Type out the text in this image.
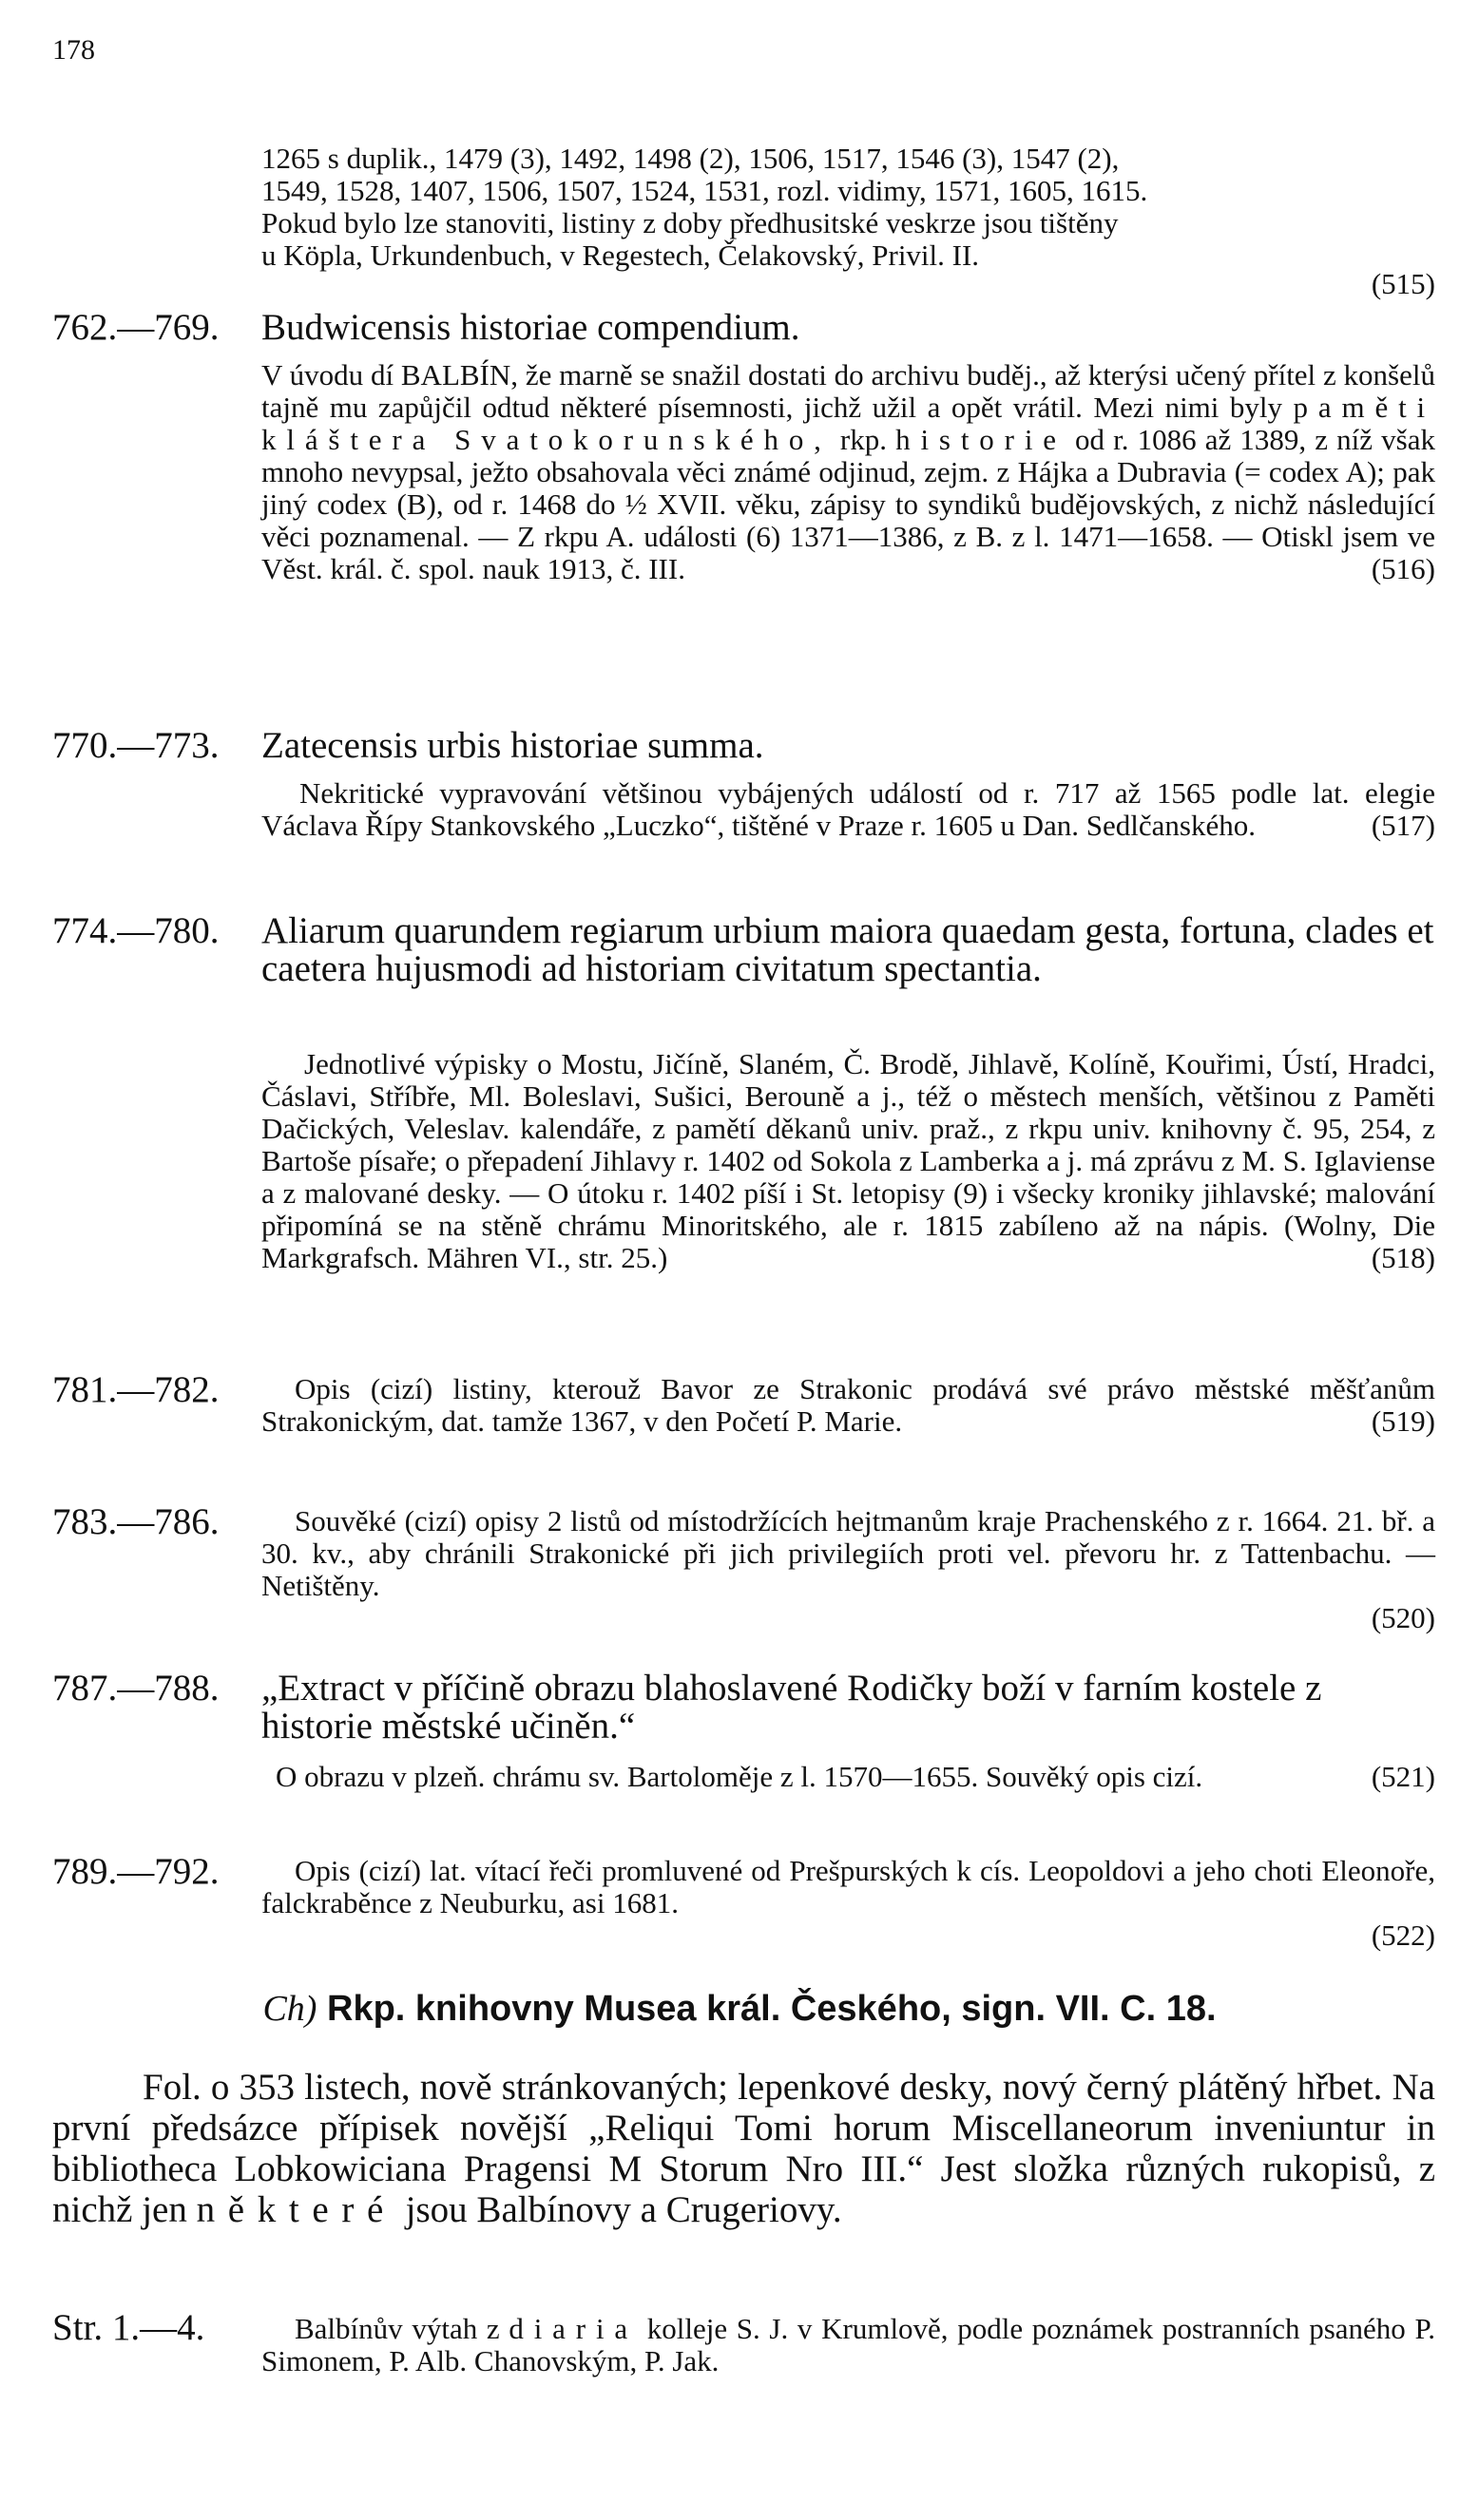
178
1265 s duplik., 1479 (3), 1492, 1498 (2), 1506, 1517, 1546 (3), 1547 (2),
1549, 1528, 1407, 1506, 1507, 1524, 1531, rozl. vidimy, 1571, 1605, 1615.
Pokud bylo lze stanoviti, listiny z doby předhusitské veskrze jsou tištěny
u Köpla, Urkundenbuch, v Regestech, Čelakovský, Privil. II.
(515)
762.—769. Budwicensis historiae compendium.
V úvodu dí BALBÍN, že marně se snažil dostati do archivu buděj., až kterýsi učený přítel z konšelů tajně mu zapůjčil odtud některé písemnosti, jichž užil a opět vrátil. Mezi nimi byly paměti kláštera Svatokorunského, rkp. historie od r. 1086 až 1389, z níž však mnoho nevypsal, ježto obsahovala věci známé odjinud, zejm. z Hájka a Dubravia (= codex A); pak jiný codex (B), od r. 1468 do ½ XVII. věku, zápisy to syndiků budějovských, z nichž následující věci poznamenal. — Z rkpu A. události (6) 1371—1386, z B. z l. 1471—1658. — Otiskl jsem ve Věst. král. č. spol. nauk 1913, č. III.	(516)
770.—773. Zatecensis urbis historiae summa.
Nekritické vypravování většinou vybájených událostí od r. 717 až 1565 podle lat. elegie Václava Řípy Stankovského „Luczko“, tištěné v Praze r. 1605 u Dan. Sedlčanského.	(517)
774.—780. Aliarum quarundem regiarum urbium maiora quaedam gesta, fortuna, clades et caetera hujusmodi ad historiam civitatum spectantia.
Jednotlivé výpisky o Mostu, Jičíně, Slaném, Č. Brodě, Jihlavě, Kolíně, Kouřimi, Ústí, Hradci, Čáslavi, Stříbře, Ml. Boleslavi, Sušici, Berouně a j., též o městech menších, většinou z Paměti Dačických, Veleslav. kalendáře, z pamětí děkanů univ. praž., z rkpu univ. knihovny č. 95, 254, z Bartoše písaře; o přepadení Jihlavy r. 1402 od Sokola z Lamberka a j. má zprávu z M. S. Iglaviense a z malované desky. — O útoku r. 1402 píší i St. letopisy (9) i všecky kroniky jihlavské; malování připomíná se na stěně chrámu Minoritského, ale r. 1815 zabíleno až na nápis. (Wolny, Die Markgrafsch. Mähren VI., str. 25.)	(518)
781.—782.	Opis (cizí) listiny, kterouž Bavor ze Strakonic prodává své právo městské měšťanům Strakonickým, dat. tamže 1367, v den Početí P. Marie.	(519)
783.—786.	Souvěké (cizí) opisy 2 listů od místodržících hejtmanům kraje Prachenského z r. 1664. 21. bř. a 30. kv., aby chránili Strakonické při jich privilegiích proti vel. převoru hr. z Tattenbachu. — Netištěny.
(520)
787.—788. „Extract v příčině obrazu blahoslavené Rodičky boží v farním kostele z historie městské učiněn.“
O obrazu v plzeň. chrámu sv. Bartoloměje z l. 1570—1655. Souvěký opis cizí.	(521)
789.—792.	Opis (cizí) lat. vítací řeči promluvené od Prešpurských k cís. Leopoldovi a jeho choti Eleonoře, falckraběnce z Neuburku, asi 1681.
(522)
Ch) Rkp. knihovny Musea král. Českého, sign. VII. C. 18.
Fol. o 353 listech, nově stránkovaných; lepenkové desky, nový černý plátěný hřbet. Na první předsázce přípisek novější „Reliqui Tomi horum Miscellaneorum inveniuntur in bibliotheca Lobkowiciana Pragensi M Storum Nro III.“ Jest složka různých rukopisů, z nichž jen některé jsou Balbínovy a Crugeriovy.
Str. 1.—4.	Balbínův výtah z diaria kolleje S. J. v Krumlově, podle poznámek postranních psaného P. Simonem, P. Alb. Chanovským, P. Jak.
